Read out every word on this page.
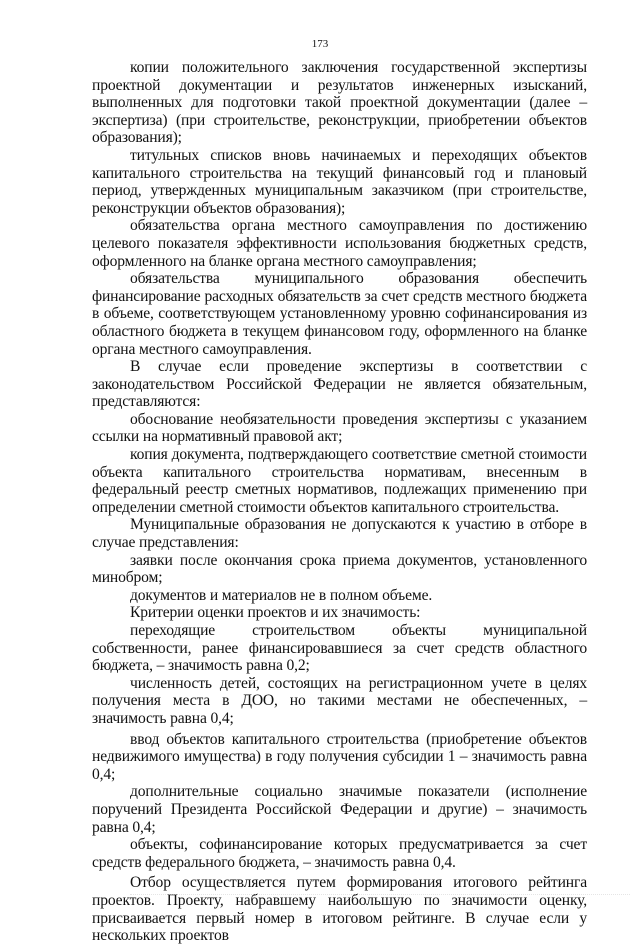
173

копии положительного заключения государственной экспертизы проектной документации и результатов инженерных изысканий, выполненных для подготовки такой проектной документации (далее – экспертиза) (при строительстве, реконструкции, приобретении объектов образования);

титульных списков вновь начинаемых и переходящих объектов капитального строительства на текущий финансовый год и плановый период, утвержденных муниципальным заказчиком (при строительстве, реконструкции объектов образования);

обязательства органа местного самоуправления по достижению целевого показателя эффективности использования бюджетных средств, оформленного на бланке органа местного самоуправления;

обязательства муниципального образования обеспечить финансирование расходных обязательств за счет средств местного бюджета в объеме, соответствующем установленному уровню софинансирования из областного бюджета в текущем финансовом году, оформленного на бланке органа местного самоуправления.

В случае если проведение экспертизы в соответствии с законодательством Российской Федерации не является обязательным, представляются:

обоснование необязательности проведения экспертизы с указанием ссылки на нормативный правовой акт;

копия документа, подтверждающего соответствие сметной стоимости объекта капитального строительства нормативам, внесенным в федеральный реестр сметных нормативов, подлежащих применению при определении сметной стоимости объектов капитального строительства.

Муниципальные образования не допускаются к участию в отборе в случае представления:

заявки после окончания срока приема документов, установленного минобром;

документов и материалов не в полном объеме.

Критерии оценки проектов и их значимость:

переходящие строительством объекты муниципальной собственности, ранее финансировавшиеся за счет средств областного бюджета, – значимость равна 0,2;

численность детей, состоящих на регистрационном учете в целях получения места в ДОО, но такими местами не обеспеченных, – значимость равна 0,4;

ввод объектов капитального строительства (приобретение объектов недвижимого имущества) в году получения субсидии 1 – значимость равна 0,4;

дополнительные социально значимые показатели (исполнение поручений Президента Российской Федерации и другие) – значимость равна 0,4;

объекты, софинансирование которых предусматривается за счет средств федерального бюджета, – значимость равна 0,4.

Отбор осуществляется путем формирования итогового рейтинга проектов. Проекту, набравшему наибольшую по значимости оценку, присваивается первый номер в итоговом рейтинге. В случае если у нескольких проектов
